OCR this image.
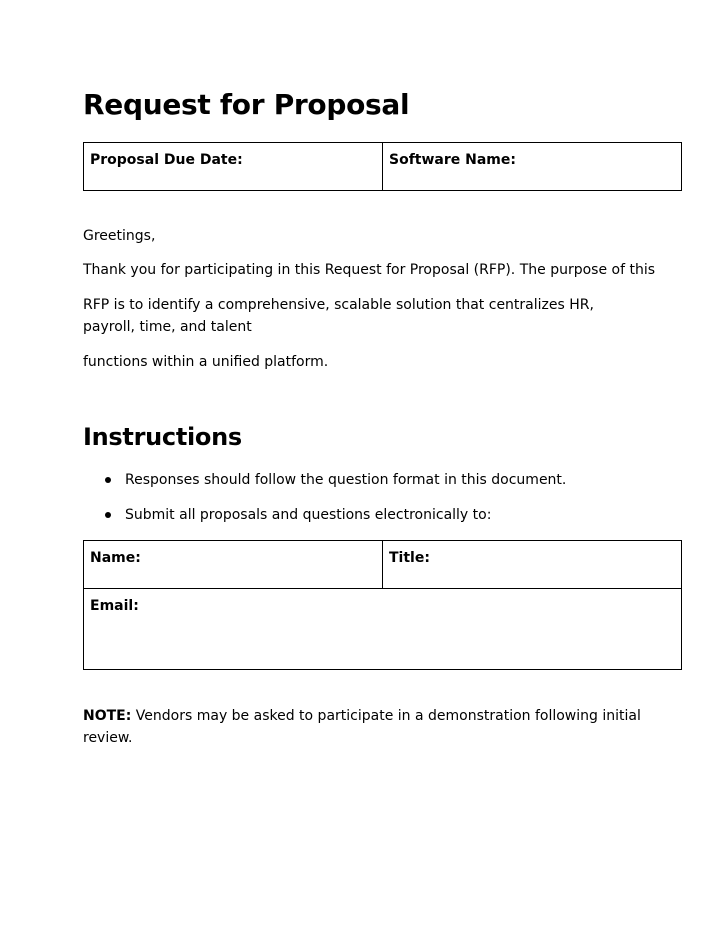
Request for Proposal
Proposal Due Date:	Software Name:

Greetings,

Thank you for participating in this Request for Proposal (RFP). The purpose of this

RFP is to identify a comprehensive, scalable solution that centralizes HR, payroll, time, and talent

functions within a unified platform.

Instructions
Responses should follow the question format in this document.
Submit all proposals and questions electronically to:
Name:	Title:
Email:

NOTE: Vendors may be asked to participate in a demonstration following initial review.
